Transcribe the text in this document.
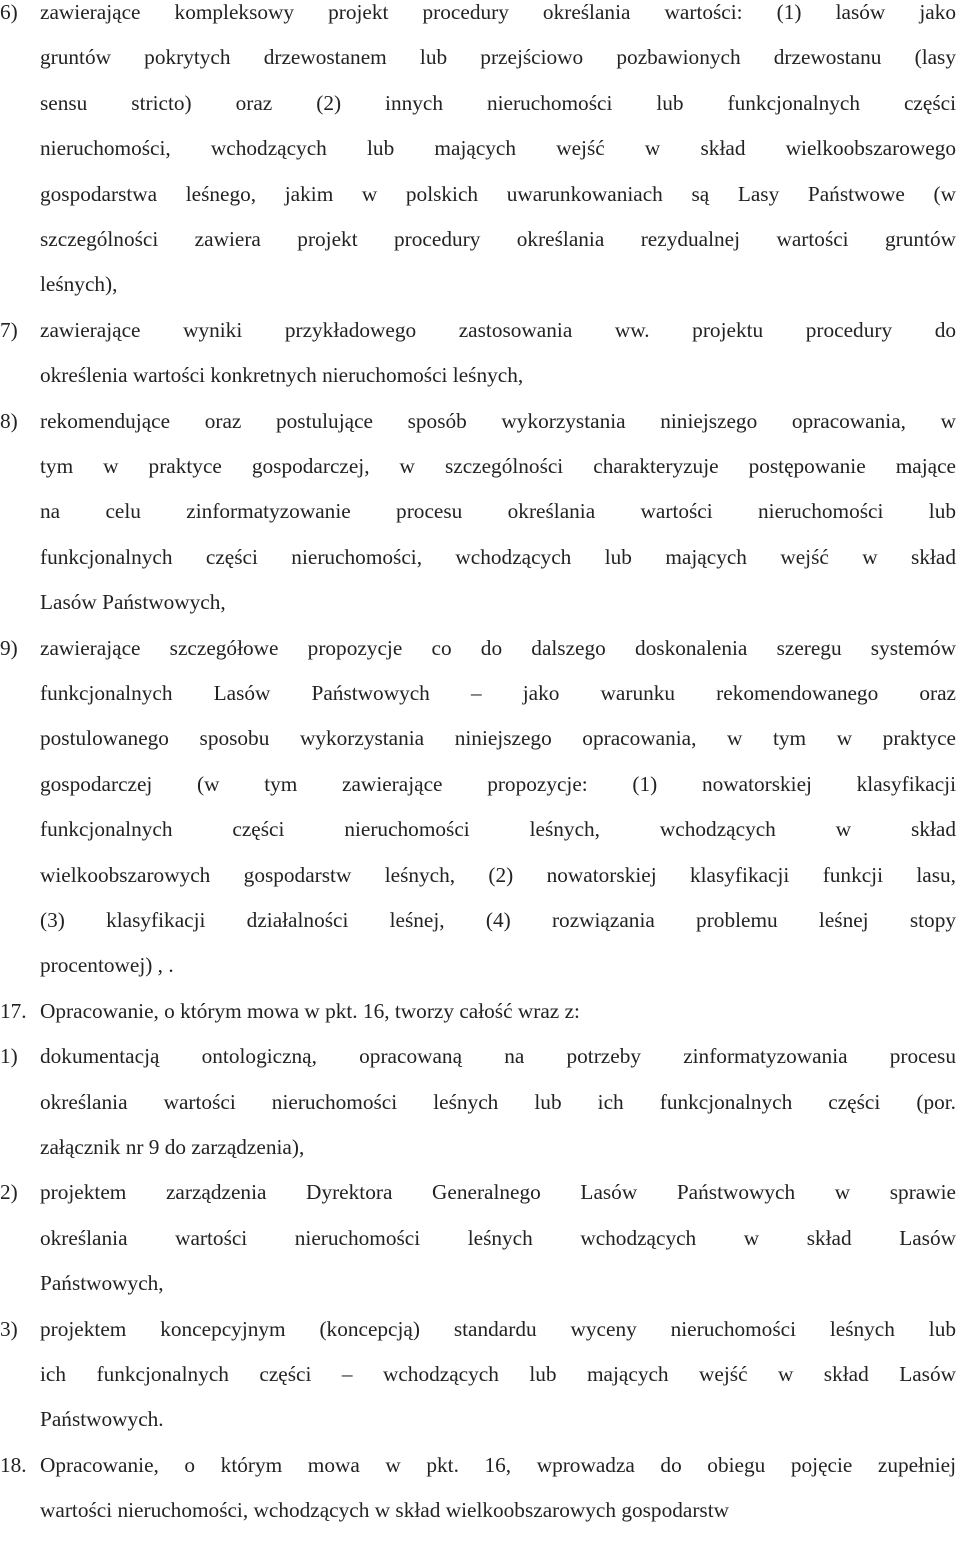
6) zawierające kompleksowy projekt procedury określania wartości: (1) lasów jako
gruntów pokrytych drzewostanem lub przejściowo pozbawionych drzewostanu (lasy
sensu stricto) oraz (2) innych nieruchomości lub funkcjonalnych części
nieruchomości, wchodzących lub mających wejść w skład wielkoobszarowego
gospodarstwa leśnego, jakim w polskich uwarunkowaniach są Lasy Państwowe (w
szczególności zawiera projekt procedury określania rezydualnej wartości gruntów
leśnych),
7) zawierające wyniki przykładowego zastosowania ww. projektu procedury do
określenia wartości konkretnych nieruchomości leśnych,
8) rekomendujące oraz postulujące sposób wykorzystania niniejszego opracowania, w
tym w praktyce gospodarczej, w szczególności charakteryzuje postępowanie mające
na celu zinformatyzowanie procesu określania wartości nieruchomości lub
funkcjonalnych części nieruchomości, wchodzących lub mających wejść w skład
Lasów Państwowych,
9) zawierające szczegółowe propozycje co do dalszego doskonalenia szeregu systemów
funkcjonalnych Lasów Państwowych – jako warunku rekomendowanego oraz
postulowanego sposobu wykorzystania niniejszego opracowania, w tym w praktyce
gospodarczej (w tym zawierające propozycje: (1) nowatorskiej klasyfikacji
funkcjonalnych części nieruchomości leśnych, wchodzących w skład
wielkoobszarowych gospodarstw leśnych, (2) nowatorskiej klasyfikacji funkcji lasu,
(3) klasyfikacji działalności leśnej, (4) rozwiązania problemu leśnej stopy
procentowej) , .
17. Opracowanie, o którym mowa w pkt. 16, tworzy całość wraz z:
1) dokumentacją ontologiczną, opracowaną na potrzeby zinformatyzowania procesu
określania wartości nieruchomości leśnych lub ich funkcjonalnych części (por.
załącznik nr 9 do zarządzenia),
2) projektem zarządzenia Dyrektora Generalnego Lasów Państwowych w sprawie
określania wartości nieruchomości leśnych wchodzących w skład Lasów
Państwowych,
3) projektem koncepcyjnym (koncepcją) standardu wyceny nieruchomości leśnych lub
ich funkcjonalnych części – wchodzących lub mających wejść w skład Lasów
Państwowych.
18. Opracowanie, o którym mowa w pkt. 16, wprowadza do obiegu pojęcie zupełniej
wartości nieruchomości, wchodzących w skład wielkoobszarowych gospodarstw
